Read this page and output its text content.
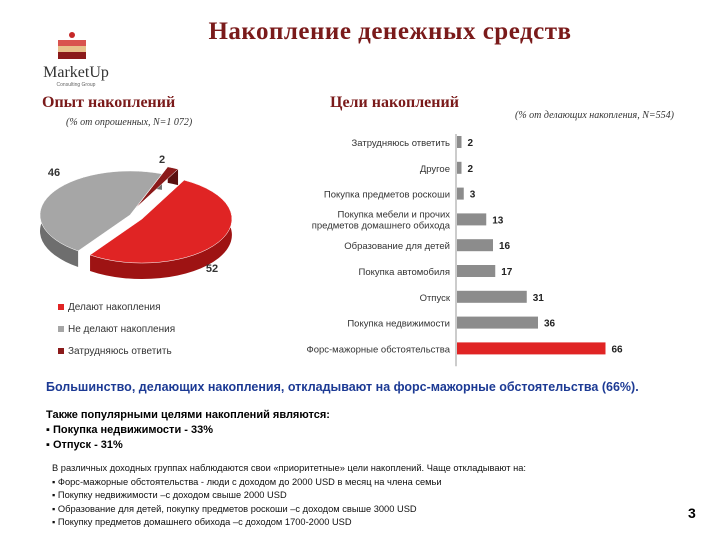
MarketUp
Consulting Group
Накопление денежных средств
Опыт накоплений
(% от опрошенных, N=1 072)
Цели накоплений
(% от делающих накопления, N=554)
52
46
2
2
Затрудняюсь ответить
2
Другое
3
Покупка предметов роскоши
13
Покупка мебели и прочих
предметов домашнего обихода
16
Образование для детей
17
Покупка автомобиля
31
Отпуск
36
Покупка недвижимости
66
Форс-мажорные обстоятельства
Делают накопления
Не делают накопления
Затрудняюсь ответить
Большинство, делающих накопления, откладывают на форс-мажорные обстоятельства (66%).
Также популярными целями накоплений являются:
▪ Покупка недвижимости - 33%
▪ Отпуск - 31%
В различных доходных группах наблюдаются свои «приоритетные» цели накоплений. Чаще откладывают на:
▪ Форс-мажорные обстоятельства - люди с доходом до 2000 USD в месяц на члена семьи
▪ Покупку недвижимости –с доходом свыше 2000 USD
▪ Образование для детей, покупку предметов роскоши –с доходом свыше 3000 USD
▪ Покупку предметов домашнего обихода –с доходом 1700-2000 USD
3
